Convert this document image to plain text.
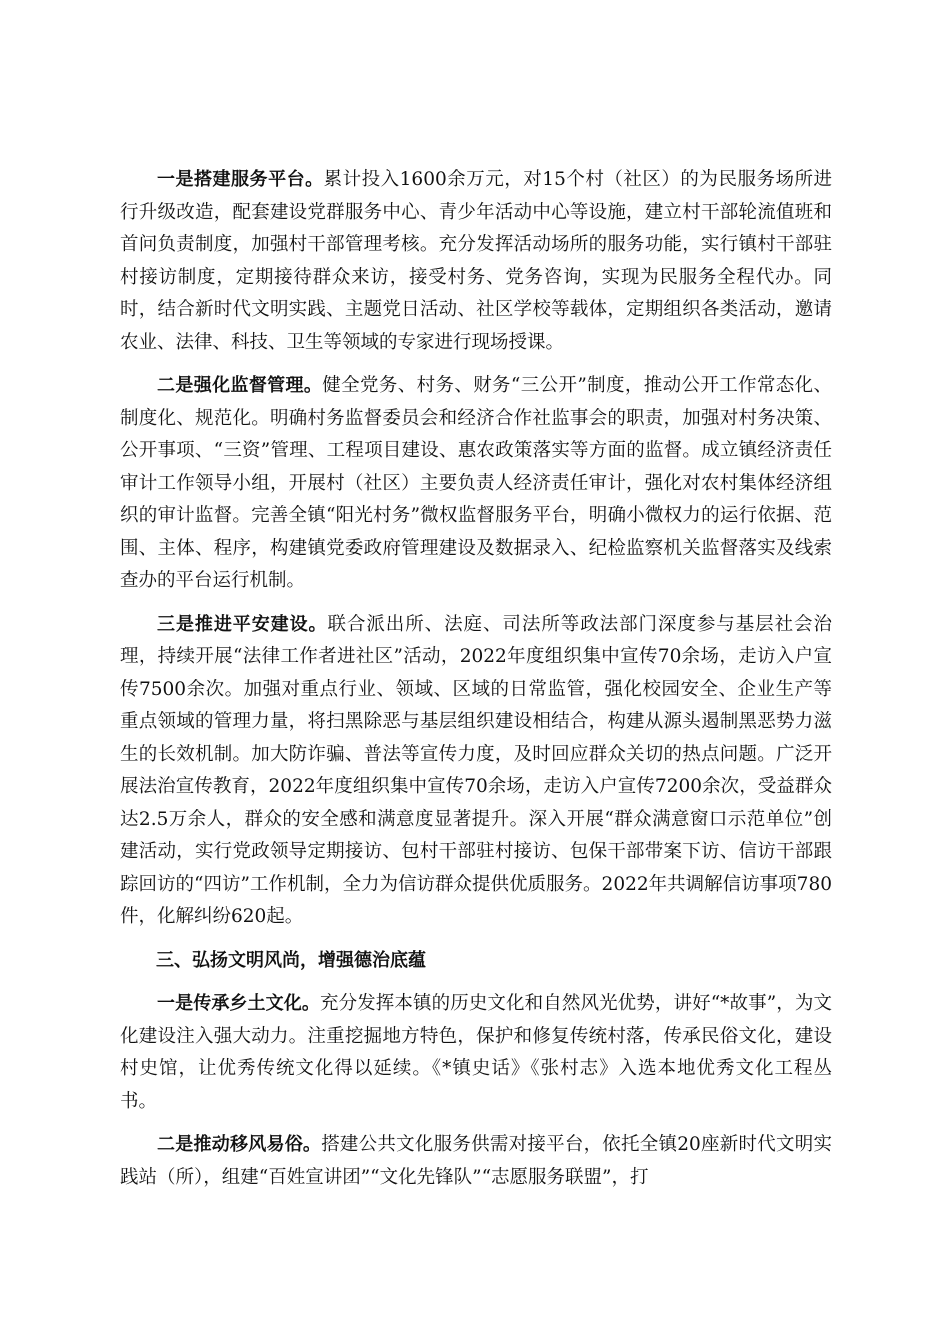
一是搭建服务平台。累计投入1600余万元，对15个村（社区）的为民服务场所进行升级改造，配套建设党群服务中心、青少年活动中心等设施，建立村干部轮流值班和首问负责制度，加强村干部管理考核。充分发挥活动场所的服务功能，实行镇村干部驻村接访制度，定期接待群众来访，接受村务、党务咨询，实现为民服务全程代办。同时，结合新时代文明实践、主题党日活动、社区学校等载体，定期组织各类活动，邀请农业、法律、科技、卫生等领域的专家进行现场授课。

二是强化监督管理。健全党务、村务、财务“三公开”制度，推动公开工作常态化、制度化、规范化。明确村务监督委员会和经济合作社监事会的职责，加强对村务决策、公开事项、“三资”管理、工程项目建设、惠农政策落实等方面的监督。成立镇经济责任审计工作领导小组，开展村（社区）主要负责人经济责任审计，强化对农村集体经济组织的审计监督。完善全镇“阳光村务”微权监督服务平台，明确小微权力的运行依据、范围、主体、程序，构建镇党委政府管理建设及数据录入、纪检监察机关监督落实及线索查办的平台运行机制。

三是推进平安建设。联合派出所、法庭、司法所等政法部门深度参与基层社会治理，持续开展“法律工作者进社区”活动，2022年度组织集中宣传70余场，走访入户宣传7500余次。加强对重点行业、领域、区域的日常监管，强化校园安全、企业生产等重点领域的管理力量，将扫黑除恶与基层组织建设相结合，构建从源头遏制黑恶势力滋生的长效机制。加大防诈骗、普法等宣传力度，及时回应群众关切的热点问题。广泛开展法治宣传教育，2022年度组织集中宣传70余场，走访入户宣传7200余次，受益群众达2.5万余人，群众的安全感和满意度显著提升。深入开展“群众满意窗口示范单位”创建活动，实行党政领导定期接访、包村干部驻村接访、包保干部带案下访、信访干部跟踪回访的“四访”工作机制，全力为信访群众提供优质服务。2022年共调解信访事项780件，化解纠纷620起。

三、弘扬文明风尚，增强德治底蕴

一是传承乡土文化。充分发挥本镇的历史文化和自然风光优势，讲好“*故事”，为文化建设注入强大动力。注重挖掘地方特色，保护和修复传统村落，传承民俗文化，建设村史馆，让优秀传统文化得以延续。《*镇史话》《张村志》入选本地优秀文化工程丛书。

二是推动移风易俗。搭建公共文化服务供需对接平台，依托全镇20座新时代文明实践站（所），组建“百姓宣讲团”“文化先锋队”“志愿服务联盟”，打
